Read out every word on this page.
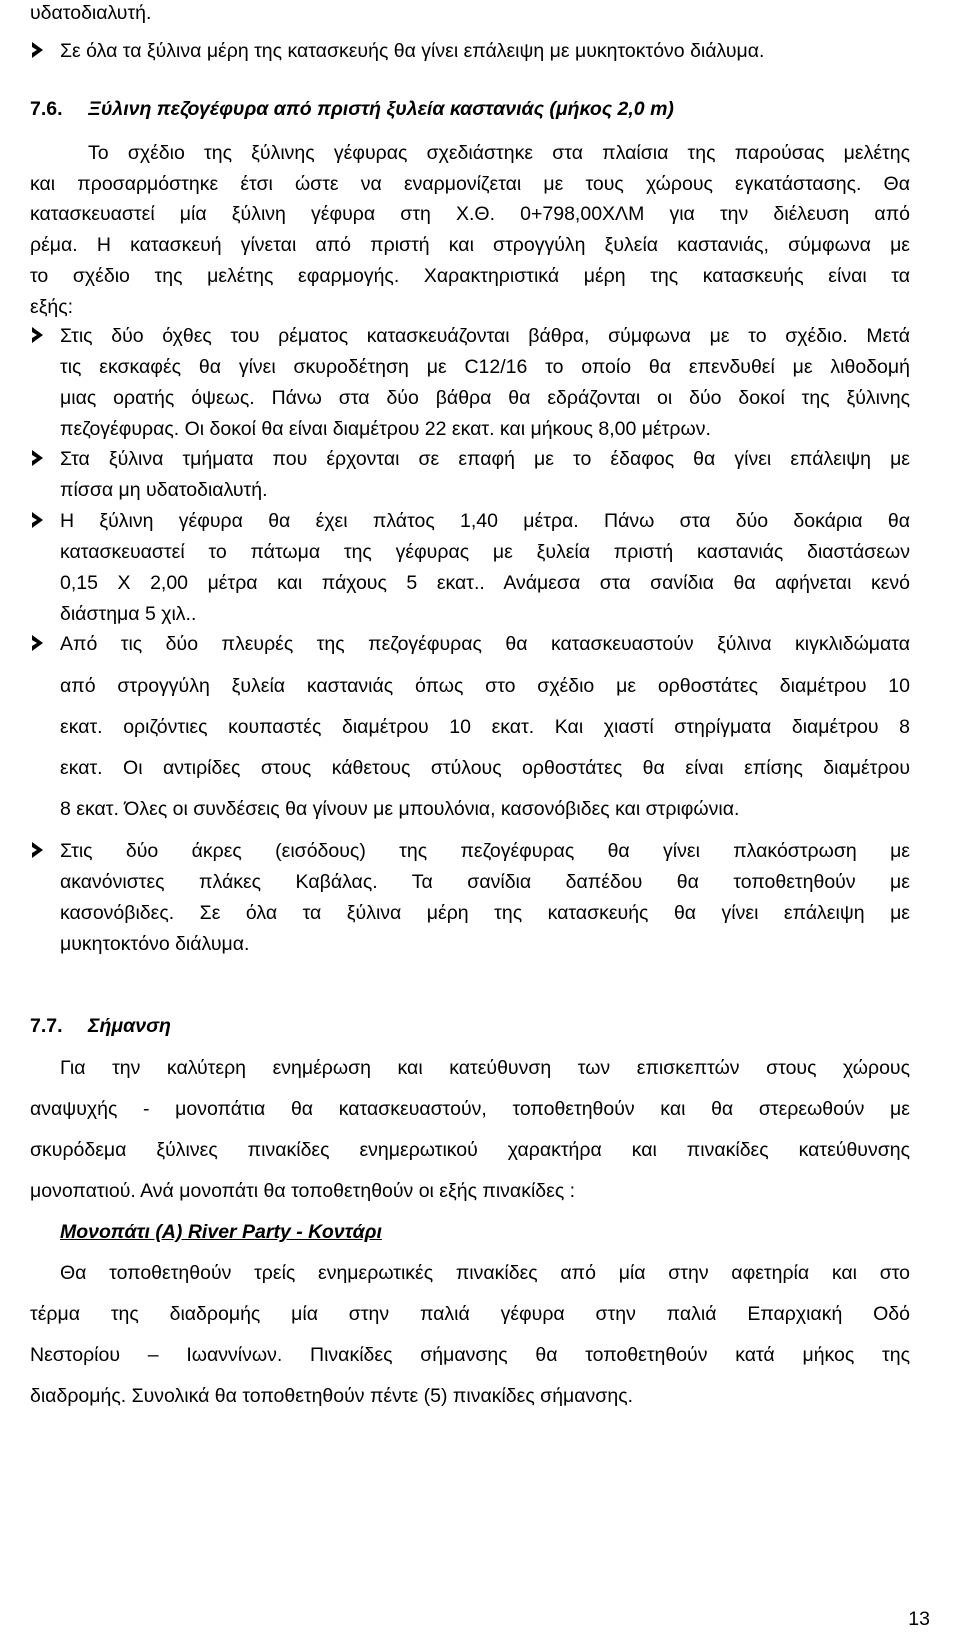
υδατοδιαλυτή.
Σε όλα τα ξύλινα μέρη της κατασκευής θα γίνει επάλειψη με μυκητοκτόνο διάλυμα.
7.6. Ξύλινη πεζογέφυρα από πριστή ξυλεία καστανιάς (μήκος 2,0 m)
Το σχέδιο της ξύλινης γέφυρας σχεδιάστηκε στα πλαίσια της παρούσας μελέτης
και προσαρμόστηκε έτσι ώστε να εναρμονίζεται με τους χώρους εγκατάστασης. Θα
κατασκευαστεί μία ξύλινη γέφυρα στη Χ.Θ. 0+798,00ΧΛΜ για την διέλευση από
ρέμα. Η κατασκευή γίνεται από πριστή και στρογγύλη ξυλεία καστανιάς, σύμφωνα με
το σχέδιο της μελέτης εφαρμογής. Χαρακτηριστικά μέρη της κατασκευής είναι τα
εξής:
Στις δύο όχθες του ρέματος κατασκευάζονται βάθρα, σύμφωνα με το σχέδιο. Μετά
τις εκσκαφές θα γίνει σκυροδέτηση με C12/16 το οποίο θα επενδυθεί με λιθοδομή
μιας ορατής όψεως. Πάνω στα δύο βάθρα θα εδράζονται οι δύο δοκοί της ξύλινης
πεζογέφυρας. Οι δοκοί θα είναι διαμέτρου 22 εκατ. και μήκους 8,00 μέτρων.
Στα ξύλινα τμήματα που έρχονται σε επαφή με το έδαφος θα γίνει επάλειψη με
πίσσα μη υδατοδιαλυτή.
Η ξύλινη γέφυρα θα έχει πλάτος 1,40 μέτρα. Πάνω στα δύο δοκάρια θα
κατασκευαστεί το πάτωμα της γέφυρας με ξυλεία πριστή καστανιάς διαστάσεων
0,15 Χ 2,00 μέτρα και πάχους 5 εκατ.. Ανάμεσα στα σανίδια θα αφήνεται κενό
διάστημα 5 χιλ..
Από τις δύο πλευρές της πεζογέφυρας θα κατασκευαστούν ξύλινα κιγκλιδώματα
από στρογγύλη ξυλεία καστανιάς όπως στο σχέδιο με ορθοστάτες διαμέτρου 10
εκατ. οριζόντιες κουπαστές διαμέτρου 10 εκατ. Και χιαστί στηρίγματα διαμέτρου 8
εκατ. Οι αντιρίδες στους κάθετους στύλους ορθοστάτες θα είναι επίσης διαμέτρου
8 εκατ. Όλες οι συνδέσεις θα γίνουν με μπουλόνια, κασονόβιδες και στριφώνια.
Στις δύο άκρες (εισόδους) της πεζογέφυρας θα γίνει πλακόστρωση με
ακανόνιστες πλάκες Καβάλας. Τα σανίδια δαπέδου θα τοποθετηθούν με
κασονόβιδες. Σε όλα τα ξύλινα μέρη της κατασκευής θα γίνει επάλειψη με
μυκητοκτόνο διάλυμα.
7.7. Σήμανση
Για την καλύτερη ενημέρωση και κατεύθυνση των επισκεπτών στους χώρους
αναψυχής - μονοπάτια θα κατασκευαστούν, τοποθετηθούν και θα στερεωθούν με
σκυρόδεμα ξύλινες πινακίδες ενημερωτικού χαρακτήρα και πινακίδες κατεύθυνσης
μονοπατιού. Ανά μονοπάτι θα τοποθετηθούν οι εξής πινακίδες :
Μονοπάτι (Α) River Party - Κοντάρι
Θα τοποθετηθούν τρείς ενημερωτικές πινακίδες από μία στην αφετηρία και στο
τέρμα της διαδρομής μία στην παλιά γέφυρα στην παλιά Επαρχιακή Οδό
Νεστορίου – Ιωαννίνων. Πινακίδες σήμανσης θα τοποθετηθούν κατά μήκος της
διαδρομής. Συνολικά θα τοποθετηθούν πέντε (5) πινακίδες σήμανσης.
13
